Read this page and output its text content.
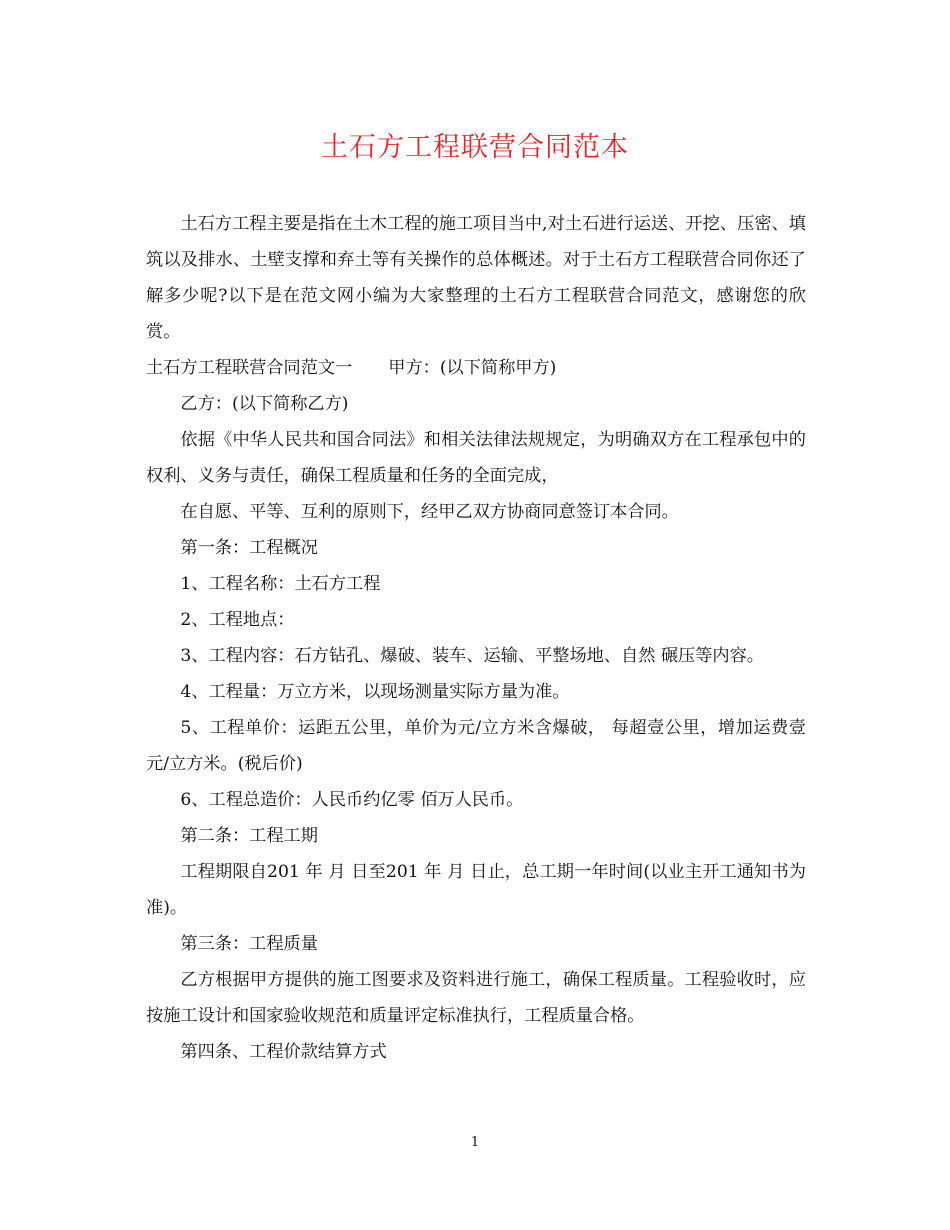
土石方工程联营合同范本

土石方工程主要是指在土木工程的施工项目当中,对土石进行运送、开挖、压密、填筑以及排水、土壁支撑和弃土等有关操作的总体概述。对于土石方工程联营合同你还了解多少呢?以下是在范文网小编为大家整理的土石方工程联营合同范文，感谢您的欣赏。

土石方工程联营合同范文一 甲方：(以下简称甲方)

乙方：(以下简称乙方)

依据《中华人民共和国合同法》和相关法律法规规定，为明确双方在工程承包中的权利、义务与责任，确保工程质量和任务的全面完成，

在自愿、平等、互利的原则下，经甲乙双方协商同意签订本合同。

第一条：工程概况

1、工程名称：土石方工程

2、工程地点：

3、工程内容：石方钻孔、爆破、装车、运输、平整场地、自然 碾压等内容。

4、工程量：万立方米，以现场测量实际方量为准。

5、工程单价：运距五公里，单价为元/立方米含爆破， 每超壹公里，增加运费壹元/立方米。(税后价)

6、工程总造价：人民币约亿零 佰万人民币。

第二条：工程工期

工程期限自201 年 月 日至201 年 月 日止，总工期一年时间(以业主开工通知书为准)。

第三条：工程质量

乙方根据甲方提供的施工图要求及资料进行施工，确保工程质量。工程验收时，应按施工设计和国家验收规范和质量评定标准执行，工程质量合格。

第四条、工程价款结算方式

1
